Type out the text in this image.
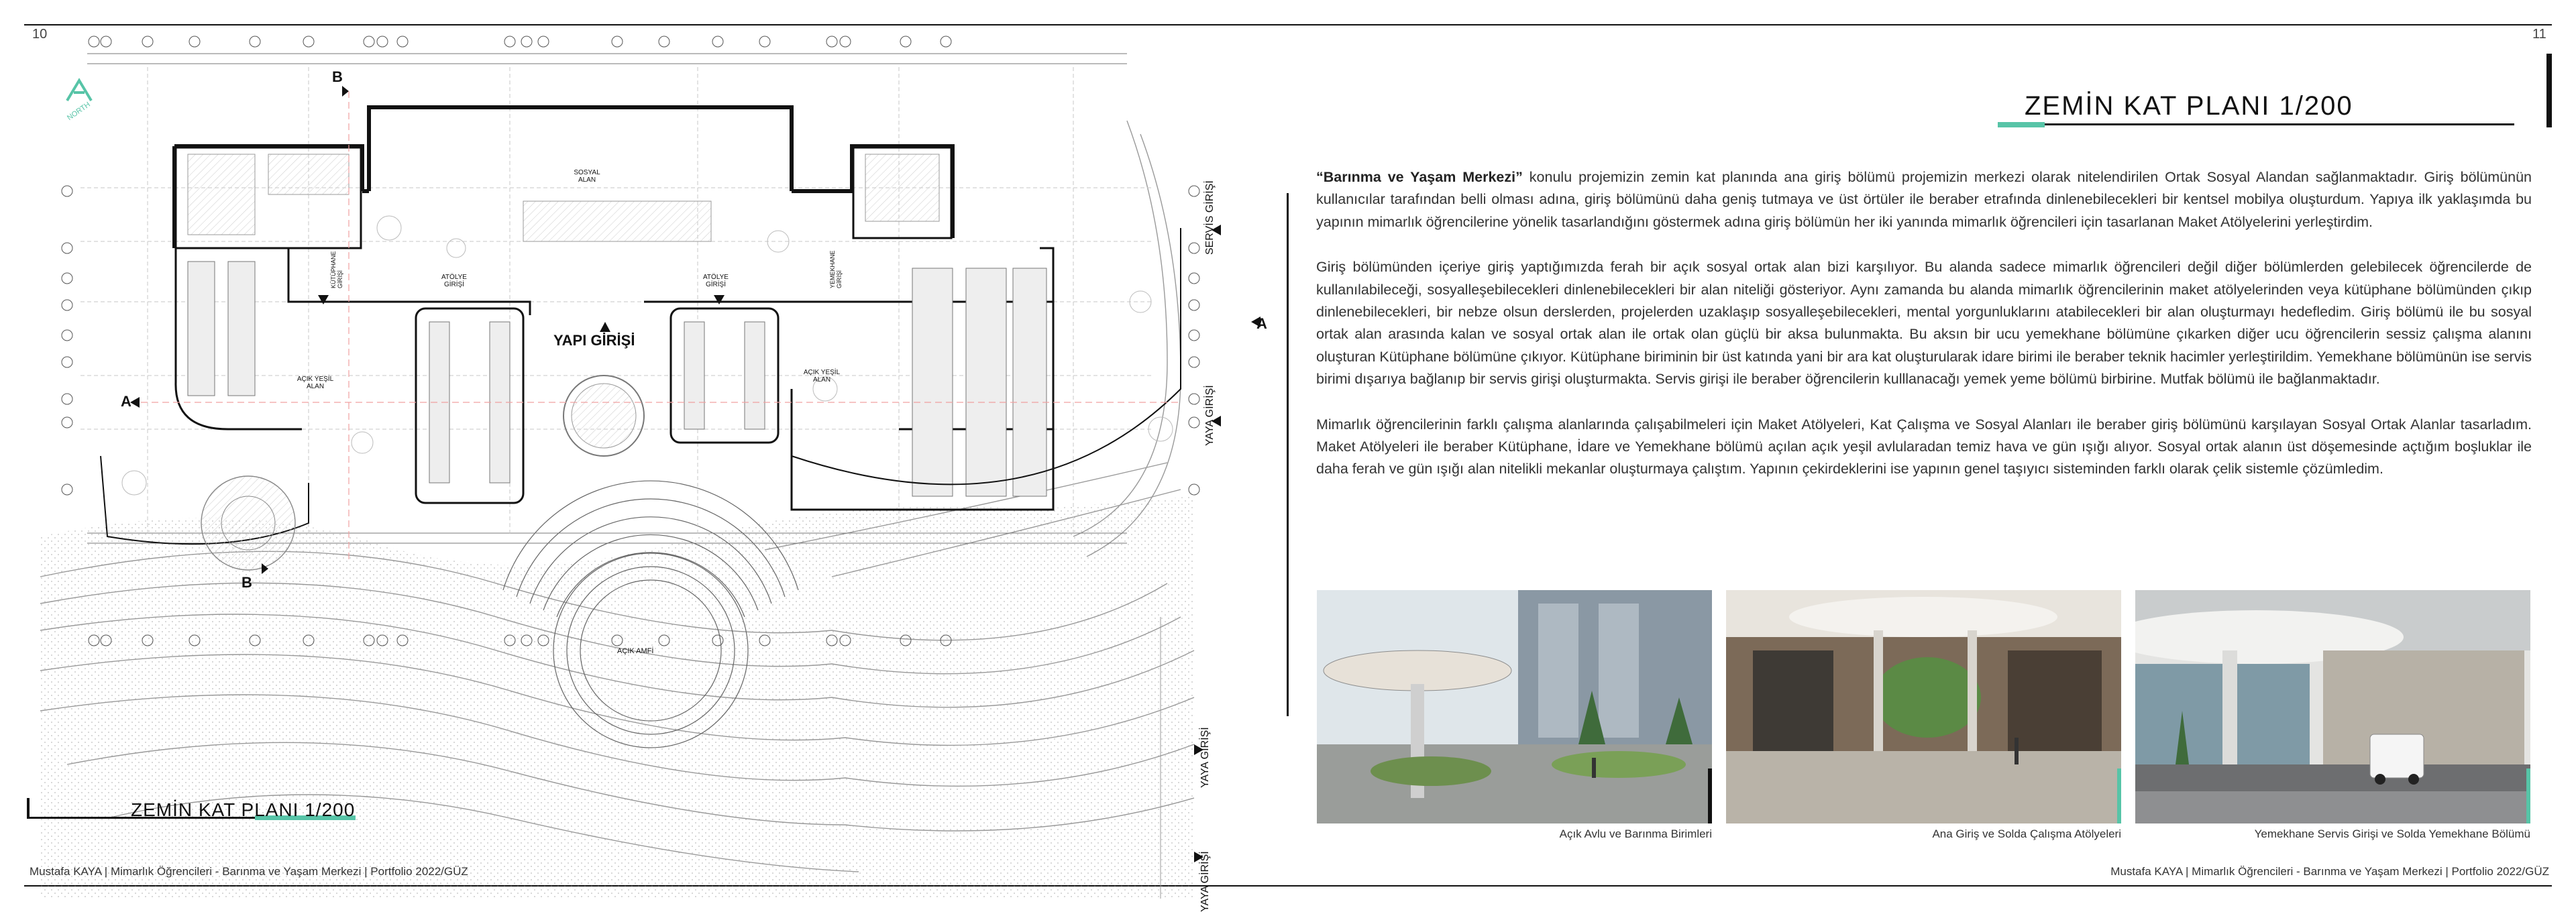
10	11
NORTH
B
A
A
B
YAPI GİRİŞİ
SOSYAL ALAN
ATÖLYE GİRİŞİ
ATÖLYE GİRİŞİ
KÜTÜPHANE GİRİŞİ	YEMEKHANE GİRİŞİ
AÇIK YEŞİL ALAN
AÇIK YEŞİL ALAN
AÇIK AMFİ
SERVİS GİRİŞİ
YAYA GİRİŞİ
YAYA GİRİŞİ
YAYA GİRİŞİ
ZEMİN KAT PLANI 1/200
Mustafa KAYA | Mimarlık Öğrencileri - Barınma ve Yaşam Merkezi | Portfolio 2022/GÜZ
ZEMİN KAT PLANI 1/200

“Barınma ve Yaşam Merkezi” konulu projemizin zemin kat planında ana giriş bölümü projemizin merkezi olarak nitelendirilen Ortak Sosyal Alandan sağlanmaktadır. Giriş bölümünün kullanıcılar tarafından belli olması adına, giriş bölümünü daha geniş tutmaya ve üst örtüler ile beraber etrafında dinlenebilecekleri bir kentsel mobilya oluşturdum. Yapıya ilk yaklaşımda bu yapının mimarlık öğrencilerine yönelik tasarlandığını göstermek adına giriş bölümün her iki yanında mimarlık öğrencileri için tasarlanan Maket Atölyelerini yerleştirdim.

Giriş bölümünden içeriye giriş yaptığımızda ferah bir açık sosyal ortak alan bizi karşılıyor. Bu alanda sadece mimarlık öğrencileri değil diğer bölümlerden gelebilecek öğrencilerde de kullanılabileceği, sosyalleşebilecekleri dinlenebilecekleri bir alan niteliği gösteriyor. Aynı zamanda bu alanda mimarlık öğrencilerinin maket atölyelerinden veya kütüphane bölümünden çıkıp dinlenebilecekleri, bir nebze olsun derslerden, projelerden uzaklaşıp sosyalleşebilecekleri, mental yorgunluklarını atabilecekleri bir alan oluşturmayı hedefledim. Giriş bölümü ile bu sosyal ortak alan arasında kalan ve sosyal ortak alan ile ortak olan güçlü bir aksa bulunmakta. Bu aksın bir ucu yemekhane bölümüne çıkarken diğer ucu öğrencilerin sessiz çalışma alanını oluşturan Kütüphane bölümüne çıkıyor. Kütüphane biriminin bir üst katında yani bir ara kat oluşturularak idare birimi ile beraber teknik hacimler yerleştirildim. Yemekhane bölümünün ise servis birimi dışarıya bağlanıp bir servis girişi oluşturmakta. Servis girişi ile beraber öğrencilerin kulllanacağı yemek yeme bölümü birbirine. Mutfak bölümü ile bağlanmaktadır.

Mimarlık öğrencilerinin farklı çalışma alanlarında çalışabilmeleri için Maket Atölyeleri, Kat Çalışma ve Sosyal Alanları ile beraber giriş bölümünü karşılayan Sosyal Ortak Alanlar tasarladım. Maket Atölyeleri ile beraber Kütüphane, İdare ve Yemekhane bölümü açılan açık yeşil avlularadan temiz hava ve gün ışığı alıyor. Sosyal ortak alanın üst döşemesinde açtığım boşluklar ile daha ferah ve gün ışığı alan nitelikli mekanlar oluşturmaya çalıştım. Yapının çekirdeklerini ise yapının genel taşıyıcı sisteminden farklı olarak çelik sistemle çözümledim.

Açık Avlu ve Barınma Birimleri	Ana Giriş ve Solda Çalışma Atölyeleri	Yemekhane Servis Girişi ve Solda Yemekhane Bölümü
Mustafa KAYA | Mimarlık Öğrencileri - Barınma ve Yaşam Merkezi | Portfolio 2022/GÜZ
